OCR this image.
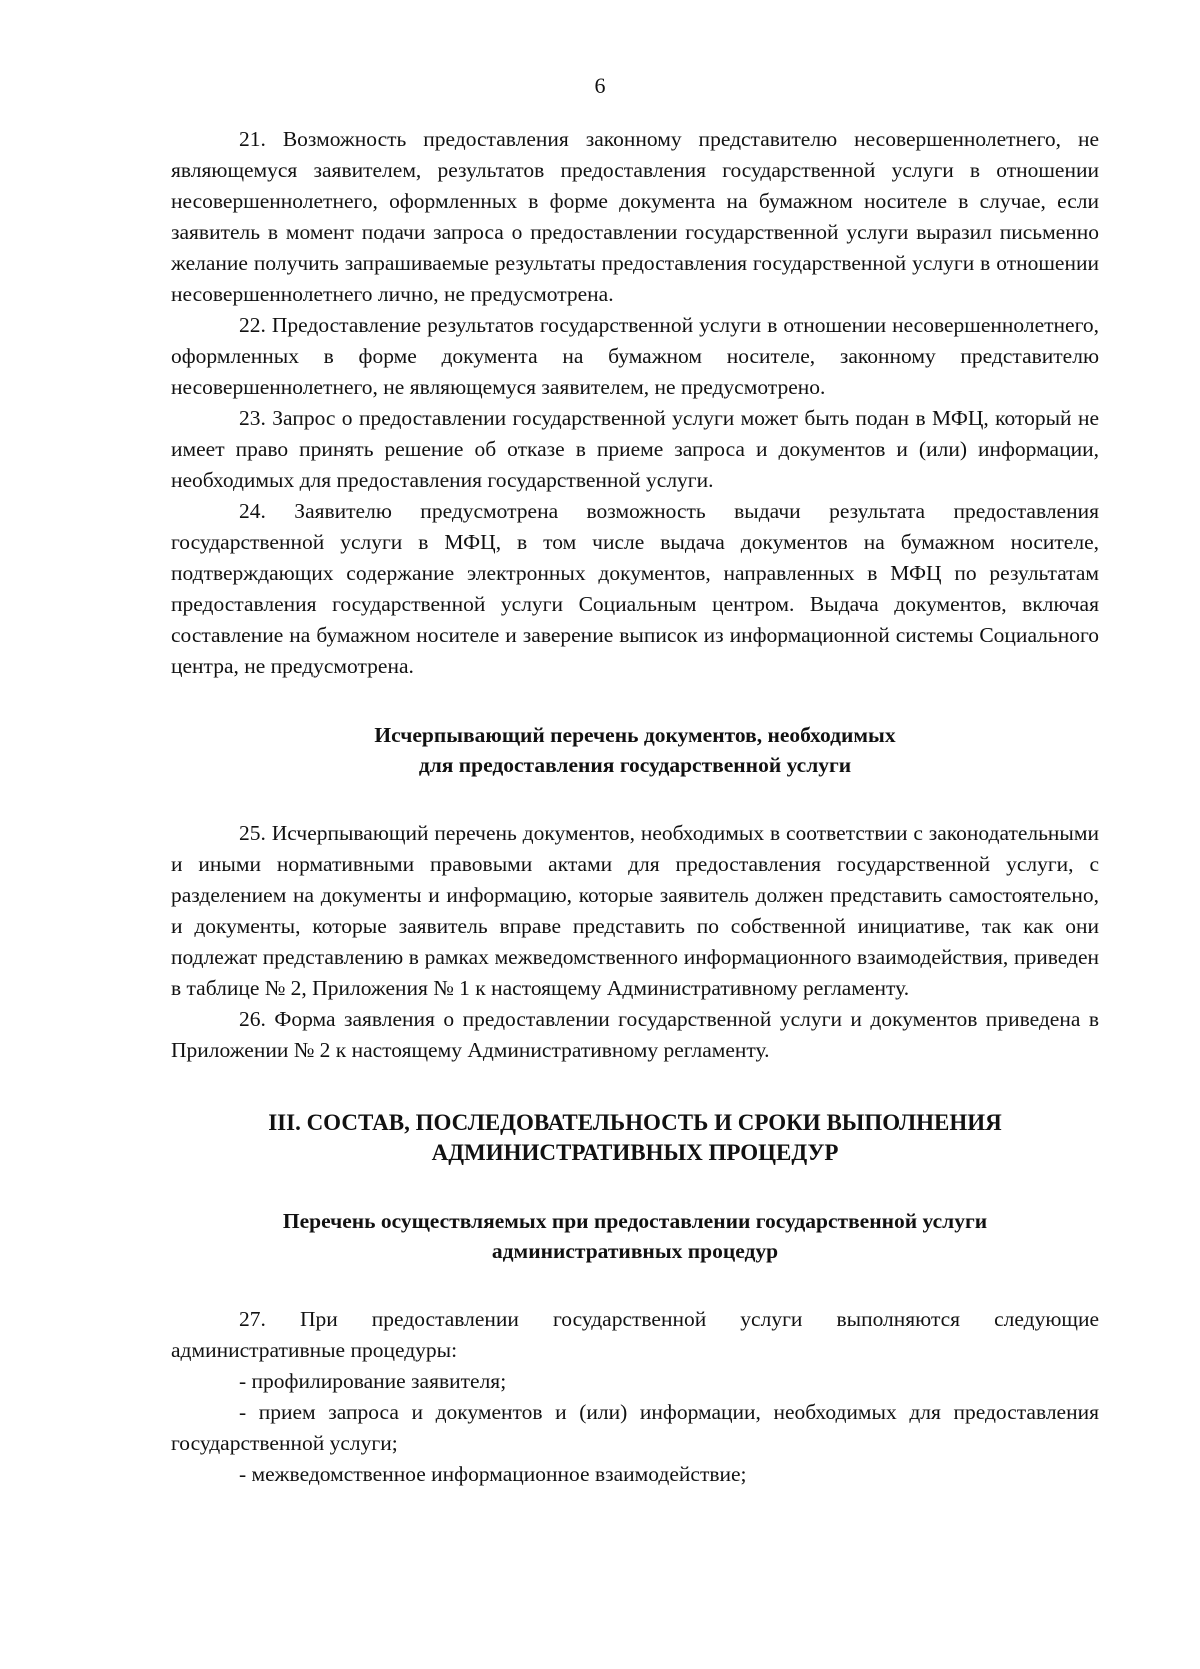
6

21. Возможность предоставления законному представителю несовершеннолетнего, не являющемуся заявителем, результатов предоставления государственной услуги в отношении несовершеннолетнего, оформленных в форме документа на бумажном носителе в случае, если заявитель в момент подачи запроса о предоставлении государственной услуги выразил письменно желание получить запрашиваемые результаты предоставления государственной услуги в отношении несовершеннолетнего лично, не предусмотрена.

22. Предоставление результатов государственной услуги в отношении несовершеннолетнего, оформленных в форме документа на бумажном носителе, законному представителю несовершеннолетнего, не являющемуся заявителем, не предусмотрено.

23. Запрос о предоставлении государственной услуги может быть подан в МФЦ, который не имеет право принять решение об отказе в приеме запроса и документов и (или) информации, необходимых для предоставления государственной услуги.

24. Заявителю предусмотрена возможность выдачи результата предоставления государственной услуги в МФЦ, в том числе выдача документов на бумажном носителе, подтверждающих содержание электронных документов, направленных в МФЦ по результатам предоставления государственной услуги Социальным центром. Выдача документов, включая составление на бумажном носителе и заверение выписок из информационной системы Социального центра, не предусмотрена.

Исчерпывающий перечень документов, необходимых

для предоставления государственной услуги

25. Исчерпывающий перечень документов, необходимых в соответствии с законодательными и иными нормативными правовыми актами для предоставления государственной услуги, с разделением на документы и информацию, которые заявитель должен представить самостоятельно, и документы, которые заявитель вправе представить по собственной инициативе, так как они подлежат представлению в рамках межведомственного информационного взаимодействия, приведен в таблице № 2, Приложения № 1 к настоящему Административному регламенту.

26. Форма заявления о предоставлении государственной услуги и документов приведена в Приложении № 2 к настоящему Административному регламенту.

III. СОСТАВ, ПОСЛЕДОВАТЕЛЬНОСТЬ И СРОКИ ВЫПОЛНЕНИЯ

АДМИНИСТРАТИВНЫХ ПРОЦЕДУР

Перечень осуществляемых при предоставлении государственной услуги

административных процедур

27. При предоставлении государственной услуги выполняются следующие административные процедуры:

- профилирование заявителя;

- прием запроса и документов и (или) информации, необходимых для предоставления государственной услуги;

- межведомственное информационное взаимодействие;
